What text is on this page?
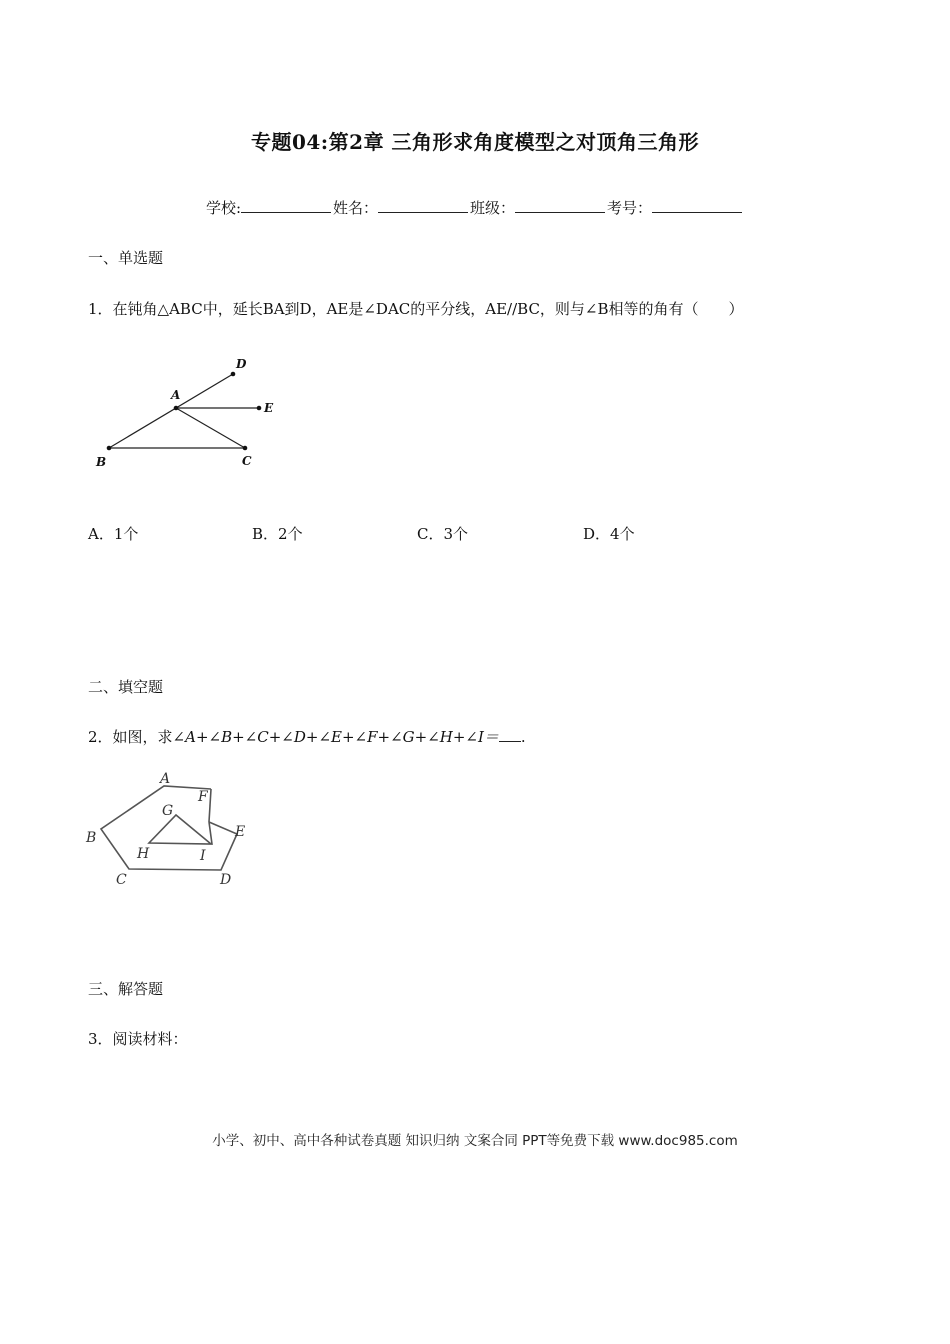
专题04:第2章 三角形求角度模型之对顶角三角形
学校:	姓名：	班级：	考号：
一、单选题
1．在钝角△ABC中，延长BA到D，AE是∠DAC的平分线，AE//BC，则与∠B相等的角有（　　）
D
A
E
B	C
A．1个	B．2个	C．3个	D．4个
二、填空题
2．如图，求∠A+∠B+∠C+∠D+∠E+∠F+∠G+∠H+∠I＝ .
A
F
G
E
B
H	I
C	D
三、解答题
3．阅读材料：
小学、初中、高中各种试卷真题 知识归纳 文案合同 PPT等免费下载 www.doc985.com
